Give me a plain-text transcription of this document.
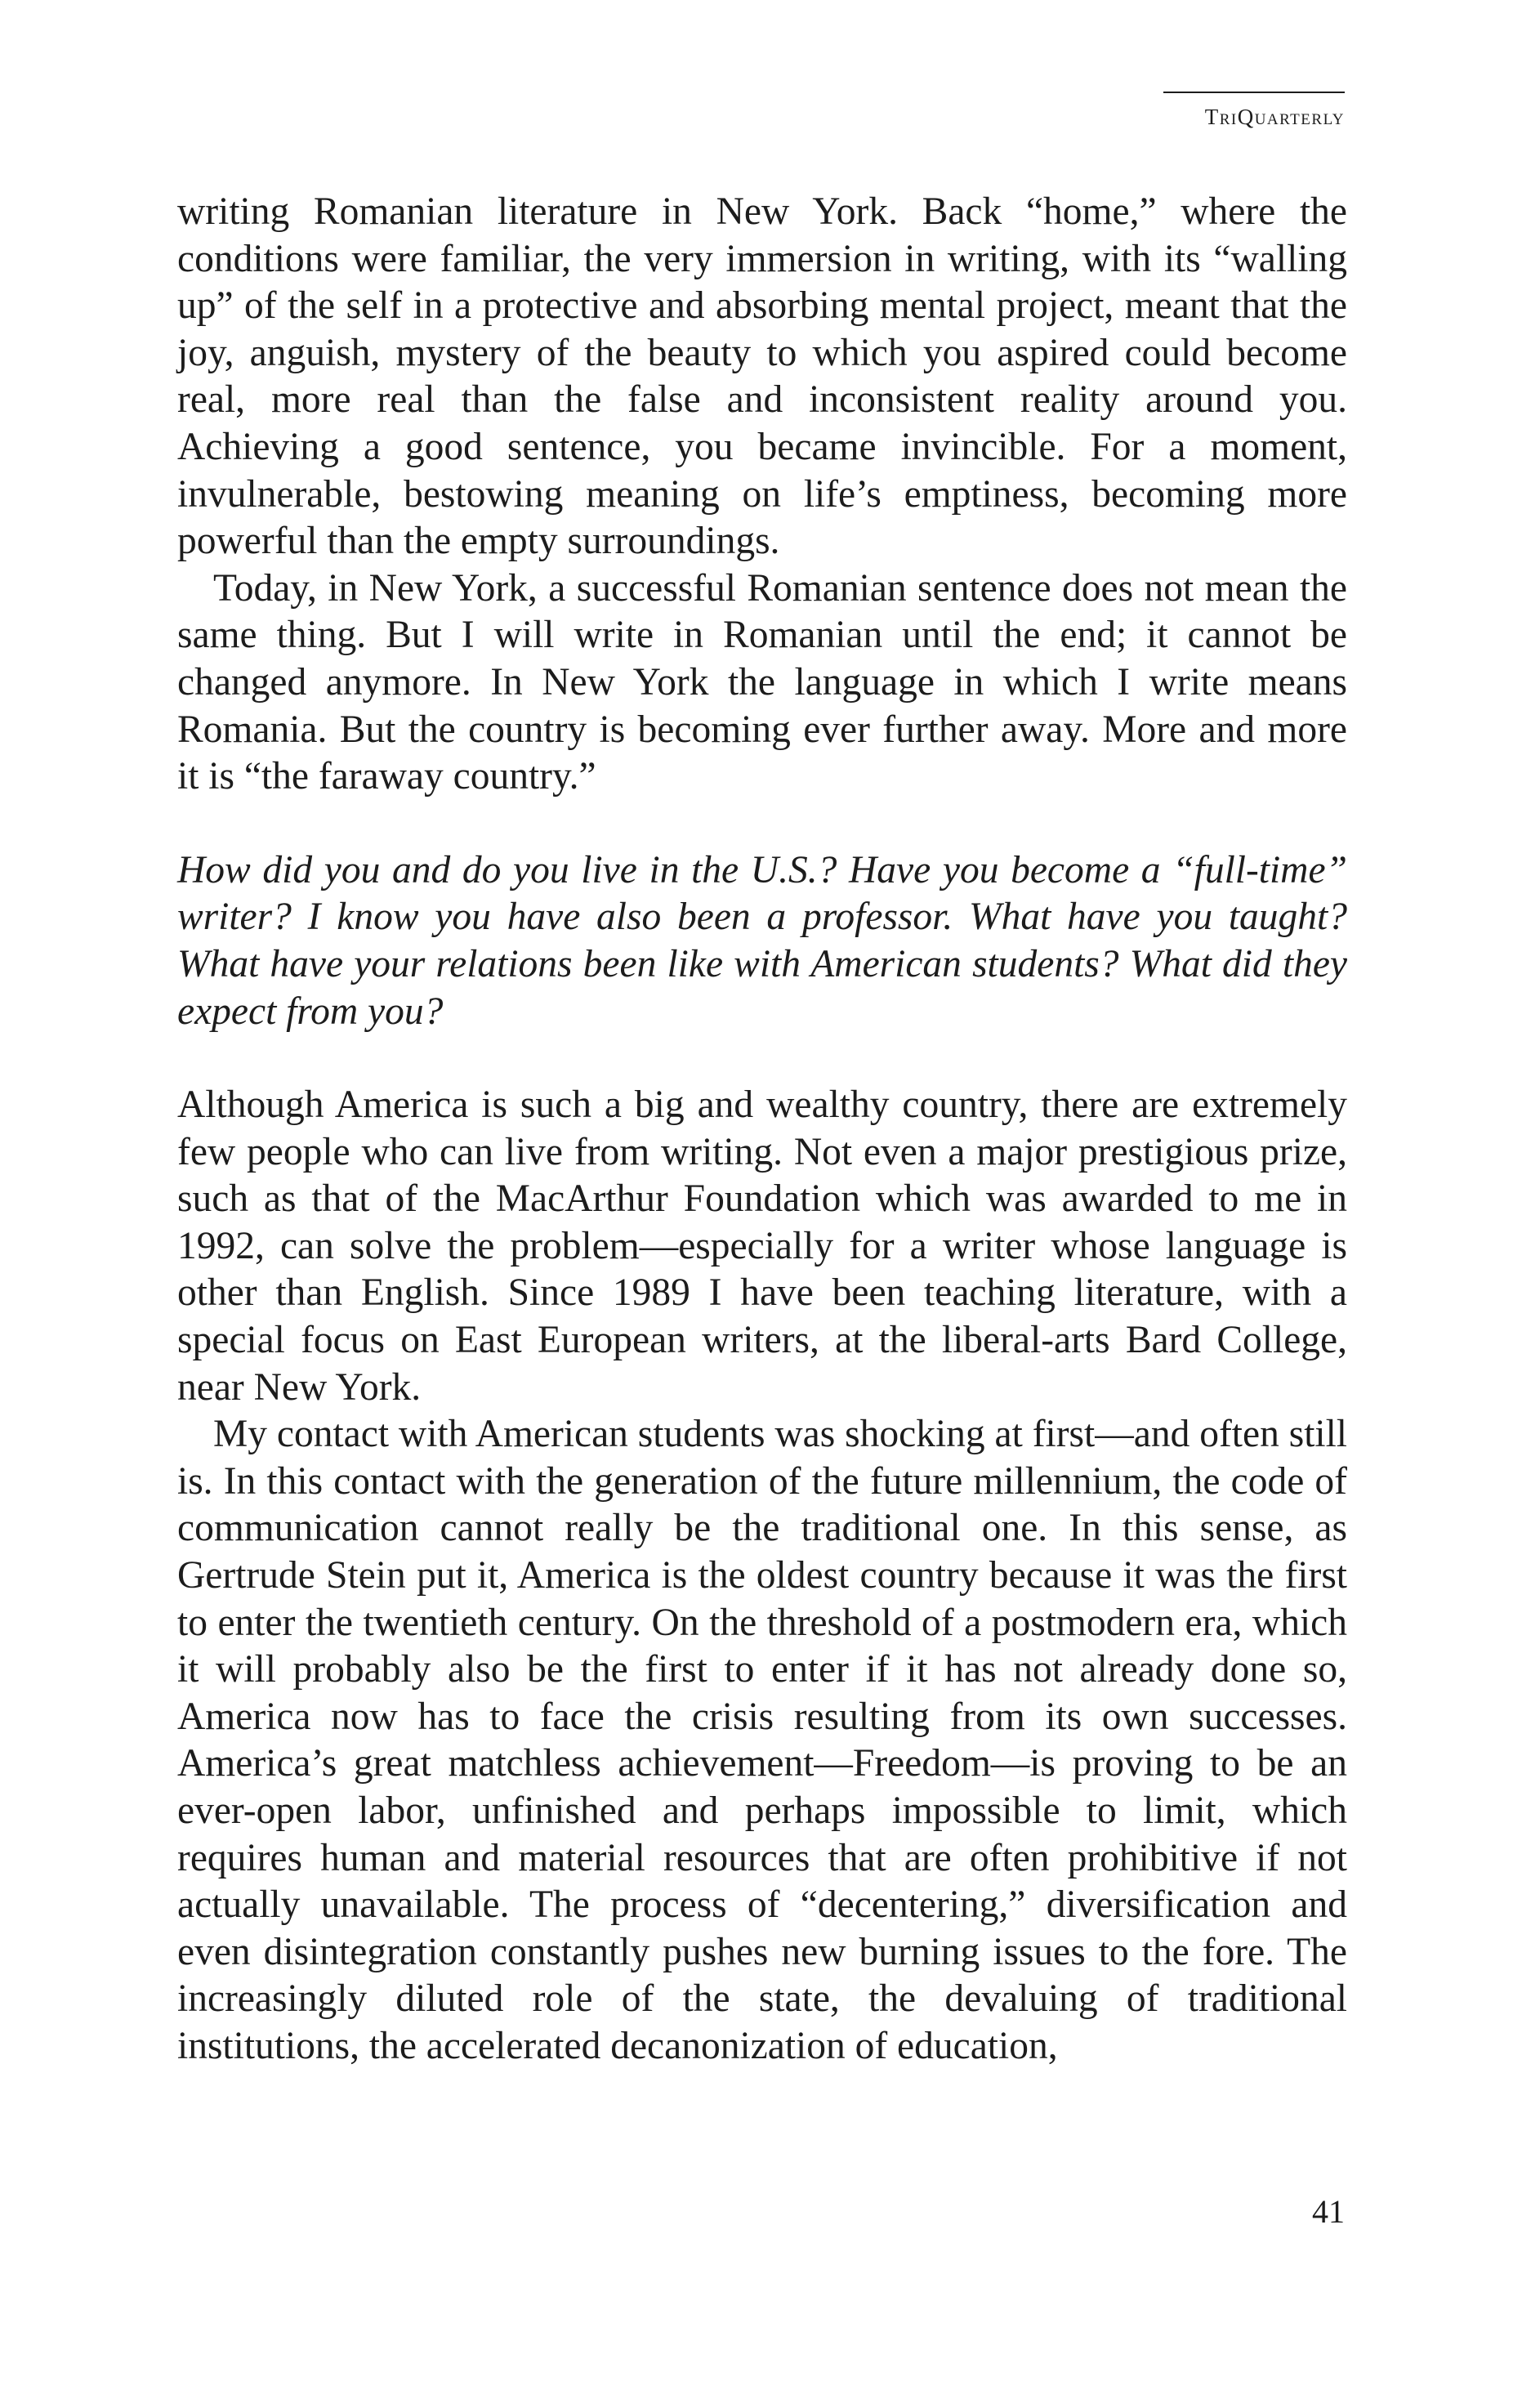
TriQuarterly

writing Romanian literature in New York. Back “home,” where the conditions were familiar, the very immersion in writing, with its “walling up” of the self in a protective and absorbing mental project, meant that the joy, anguish, mystery of the beauty to which you aspired could become real, more real than the false and inconsistent reality around you. Achieving a good sentence, you became invincible. For a moment, invulnerable, bestowing meaning on life’s emptiness, becoming more powerful than the empty surroundings.

Today, in New York, a successful Romanian sentence does not mean the same thing. But I will write in Romanian until the end; it cannot be changed anymore. In New York the language in which I write means Romania. But the country is becoming ever further away. More and more it is “the faraway country.”

How did you and do you live in the U.S.? Have you become a “full-time” writer? I know you have also been a professor. What have you taught? What have your relations been like with American students? What did they expect from you?

Although America is such a big and wealthy country, there are extremely few people who can live from writing. Not even a major prestigious prize, such as that of the MacArthur Foundation which was awarded to me in 1992, can solve the problem—especially for a writer whose language is other than English. Since 1989 I have been teaching literature, with a special focus on East European writers, at the liberal-arts Bard College, near New York.

My contact with American students was shocking at first—and often still is. In this contact with the generation of the future millennium, the code of communication cannot really be the traditional one. In this sense, as Gertrude Stein put it, America is the oldest country because it was the first to enter the twentieth century. On the threshold of a postmodern era, which it will probably also be the first to enter if it has not already done so, America now has to face the crisis resulting from its own successes. America’s great matchless achievement—Freedom—is proving to be an ever-open labor, unfinished and perhaps impossible to limit, which requires human and material resources that are often prohibitive if not actually unavailable. The process of “decentering,” diversification and even disintegration constantly pushes new burning issues to the fore. The increasingly diluted role of the state, the devaluing of traditional institutions, the accelerated decanonization of education,

41
